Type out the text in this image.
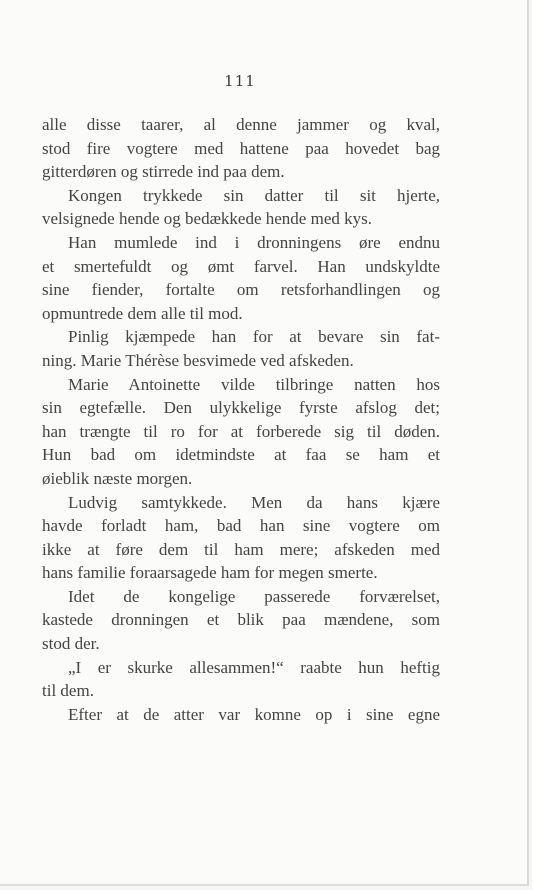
111
alle disse taarer, al denne jammer og kval,
stod fire vogtere med hattene paa hovedet bag
gitterdøren og stirrede ind paa dem.
Kongen trykkede sin datter til sit hjerte,
velsignede hende og bedækkede hende med kys.
Han mumlede ind i dronningens øre endnu
et smertefuldt og ømt farvel. Han undskyldte
sine fiender, fortalte om retsforhandlingen og
opmuntrede dem alle til mod.
Pinlig kjæmpede han for at bevare sin fat-
ning. Marie Thérèse besvimede ved afskeden.
Marie Antoinette vilde tilbringe natten hos
sin egtefælle. Den ulykkelige fyrste afslog det;
han trængte til ro for at forberede sig til døden.
Hun bad om idetmindste at faa se ham et
øieblik næste morgen.
Ludvig samtykkede. Men da hans kjære
havde forladt ham, bad han sine vogtere om
ikke at føre dem til ham mere; afskeden med
hans familie foraarsagede ham for megen smerte.
Idet de kongelige passerede forværelset,
kastede dronningen et blik paa mændene, som
stod der.
„I er skurke allesammen!“ raabte hun heftig
til dem.
Efter at de atter var komne op i sine egne
